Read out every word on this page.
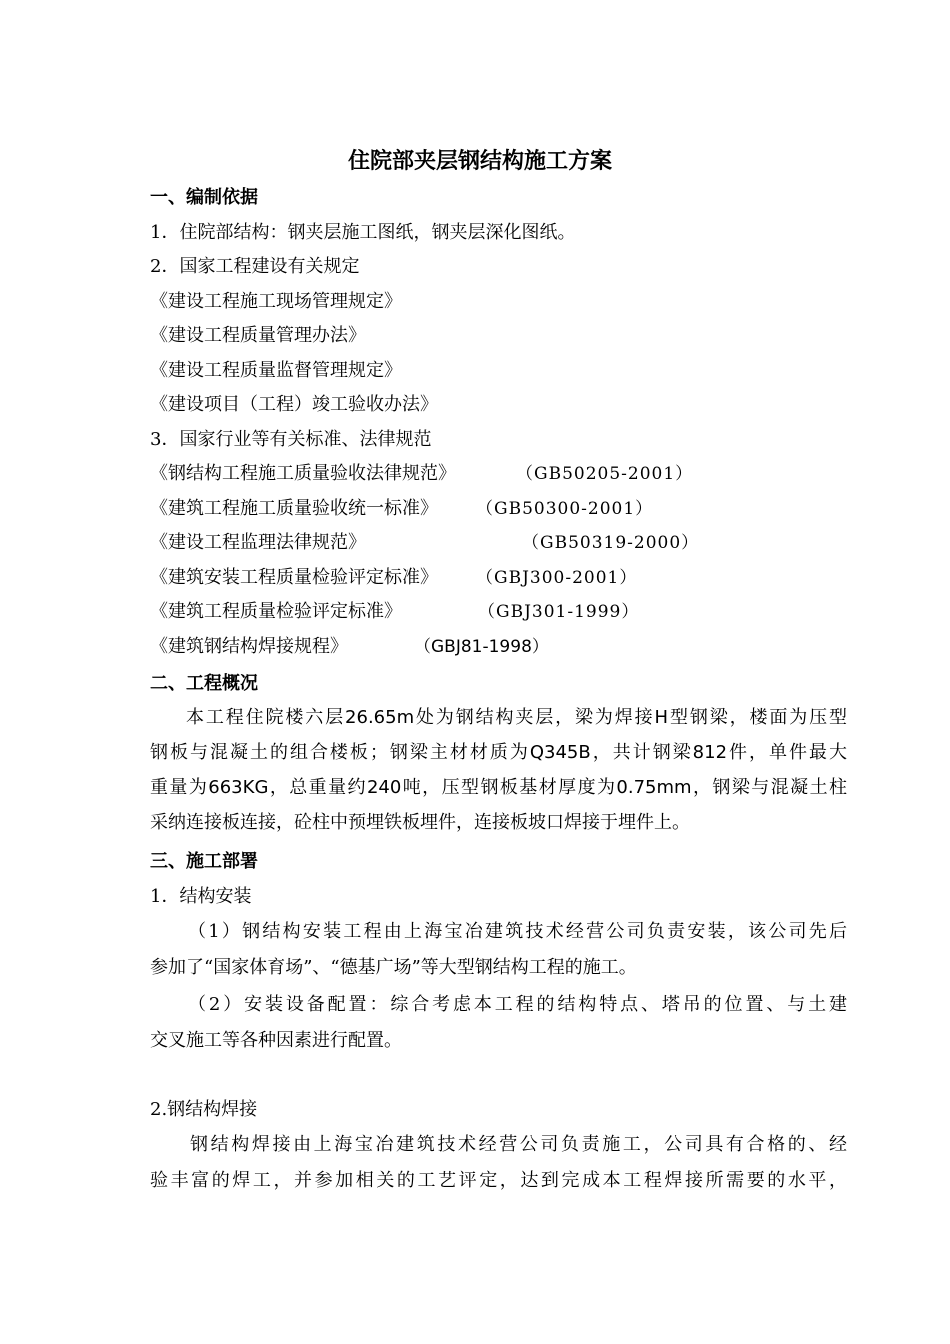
住院部夹层钢结构施工方案
一、编制依据
1．住院部结构：钢夹层施工图纸，钢夹层深化图纸。
2．国家工程建设有关规定
《建设工程施工现场管理规定》
《建设工程质量管理办法》
《建设工程质量监督管理规定》
《建设项目（工程）竣工验收办法》
3．国家行业等有关标准、法律规范
《钢结构工程施工质量验收法律规范》	（GB50205-2001）
《建筑工程施工质量验收统一标准》 （GB50300-2001）
《建设工程监理法律规范》	（GB50319-2000）
《建筑安装工程质量检验评定标准》 （GBJ300-2001）
《建筑工程质量检验评定标准》	（GBJ301-1999）
《建筑钢结构焊接规程》	（GBJ81-1998）
二、工程概况
本工程住院楼六层26.65m处为钢结构夹层，梁为焊接H型钢梁，楼面为压型
钢板与混凝土的组合楼板；钢梁主材材质为Q345B，共计钢梁812件，单件最大
重量为663KG，总重量约240吨，压型钢板基材厚度为0.75mm，钢梁与混凝土柱
采纳连接板连接，砼柱中预埋铁板埋件，连接板坡口焊接于埋件上。
三、施工部署
1．结构安装
（1）钢结构安装工程由上海宝冶建筑技术经营公司负责安装，该公司先后
参加了“国家体育场”、“德基广场”等大型钢结构工程的施工。
（2）安装设备配置：综合考虑本工程的结构特点、塔吊的位置、与土建
交叉施工等各种因素进行配置。
2.钢结构焊接
钢结构焊接由上海宝冶建筑技术经营公司负责施工，公司具有合格的、经
验丰富的焊工，并参加相关的工艺评定，达到完成本工程焊接所需要的水平，
